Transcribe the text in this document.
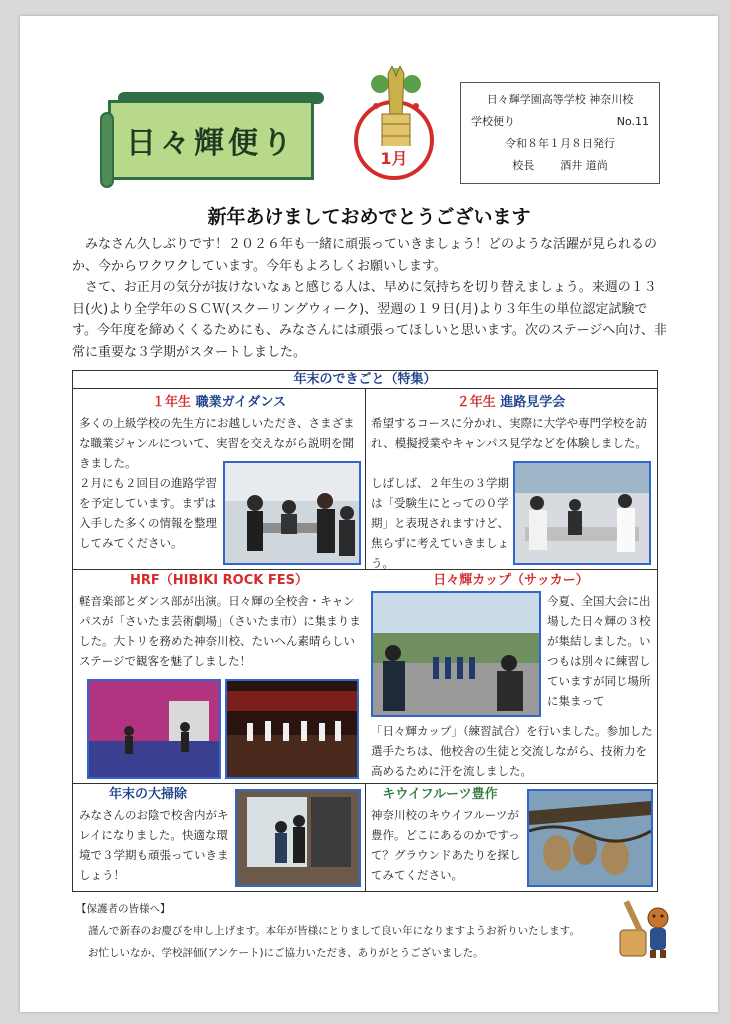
日々輝便り	1月
日々輝学園高等学校 神奈川校
学校便り	No.11
令和８年１月８日発行
校長 酒井 道尚
新年あけましておめでとうございます

みなさん久しぶりです！２０２６年も一緒に頑張っていきましょう！どのような活躍が見られるのか、今からワクワクしています。今年もよろしくお願いします。

さて、お正月の気分が抜けないなぁと感じる人は、早めに気持ちを切り替えましょう。来週の１３日(火)より全学年のＳＣＷ(スクーリングウィーク)、翌週の１９日(月)より３年生の単位認定試験です。今年度を締めくくるためにも、みなさんには頑張ってほしいと思います。次のステージへ向け、非常に重要な３学期がスタートしました。

年末のできごと（特集）
１年生 職業ガイダンス
多くの上級学校の先生方にお越しいただき、さまざまな職業ジャンルについて、実習を交えながら説明を聞きました。
２月にも２回目の進路学習を予定しています。まずは入手した多くの情報を整理してみてください。
２年生 進路見学会
希望するコースに分かれ、実際に大学や専門学校を訪れ、模擬授業やキャンパス見学などを体験しました。
しばしば、２年生の３学期は「受験生にとっての０学期」と表現されますけど、焦らずに考えていきましょう。
HRF（HIBIKI ROCK FES）
軽音楽部とダンス部が出演。日々輝の全校舎・キャンパスが「さいたま芸術劇場」（さいたま市）に集まりました。大トリを務めた神奈川校、たいへん素晴らしいステージで観客を魅了しました！
日々輝カップ（サッカー）
今夏、全国大会に出場した日々輝の３校が集結しました。いつもは別々に練習していますが同じ場所に集まって
「日々輝カップ」（練習試合）を行いました。参加した選手たちは、他校舎の生徒と交流しながら、技術力を高めるために汗を流しました。
年末の大掃除
みなさんのお陰で校舎内がキレイになりました。快適な環境で３学期も頑張っていきましょう！
キウイフルーツ豊作
神奈川校のキウイフルーツが豊作。どこにあるのかですって？グラウンドあたりを探してみてください。
【保護者の皆様へ】
謹んで新春のお慶びを申し上げます。本年が皆様にとりまして良い年になりますようお祈りいたします。
お忙しいなか、学校評価(アンケート)にご協力いただき、ありがとうございました。
